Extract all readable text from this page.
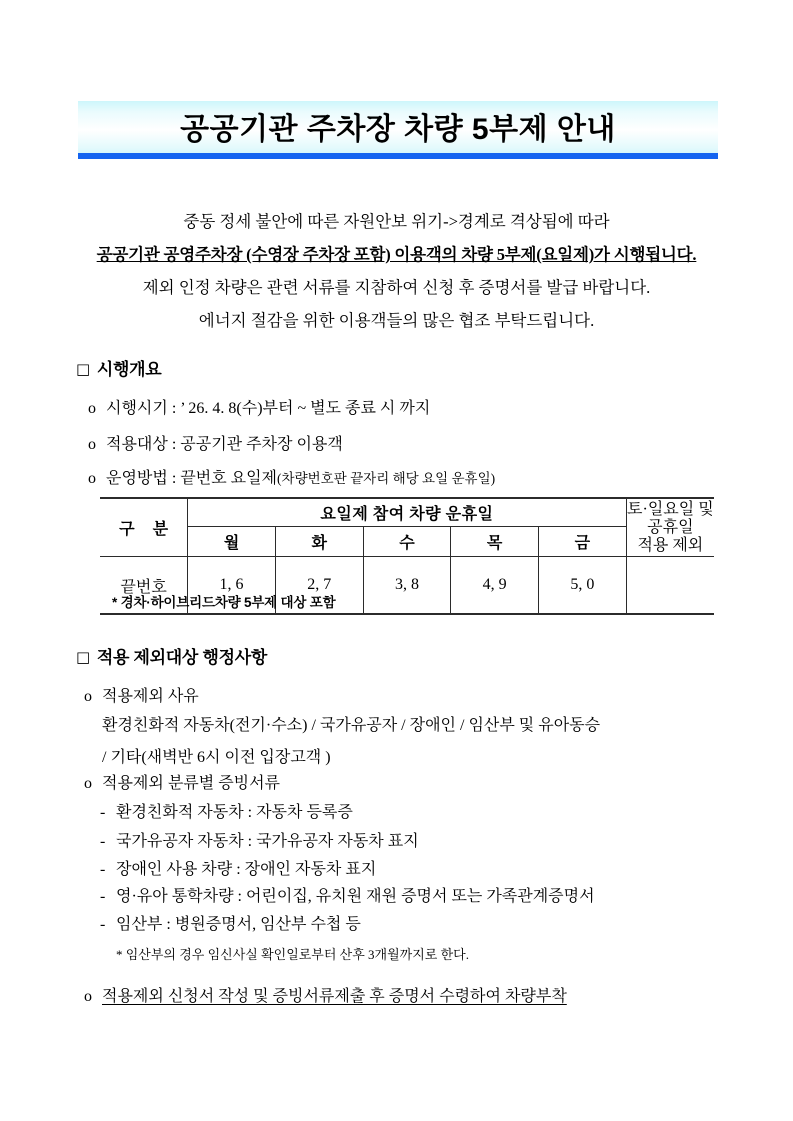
공공기관 주차장 차량 5부제 안내
중동 정세 불안에 따른 자원안보 위기->경계로 격상됨에 따라
공공기관 공영주차장 (수영장 주차장 포함) 이용객의 차량 5부제(요일제)가 시행됩니다.
제외 인정 차량은 관련 서류를 지참하여 신청 후 증명서를 발급 바랍니다.
에너지 절감을 위한 이용객들의 많은 협조 부탁드립니다.
□ 시행개요
o 시행시기 : ’ 26. 4. 8(수)부터 ~ 별도 종료 시 까지
o 적용대상 : 공공기관 주차장 이용객
o 운영방법 : 끝번호 요일제(차량번호판 끝자리 해당 요일 운휴일)
구 분	요일제 참여 차량 운휴일					토·일요일 및
공휴일
적용 제외

	월	화	수	목	금	
끝번호	1, 6	2, 7	3, 8	4, 9	5, 0	
* 경차·하이브리드차량 5부제 대상 포함
□ 적용 제외대상 행정사항
o 적용제외 사유
환경친화적 자동차(전기·수소) / 국가유공자 / 장애인 / 임산부 및 유아동승
/ 기타(새벽반 6시 이전 입장고객 )
o 적용제외 분류별 증빙서류
- 환경친화적 자동차 : 자동차 등록증
- 국가유공자 자동차 : 국가유공자 자동차 표지
- 장애인 사용 차량 : 장애인 자동차 표지
- 영·유아 통학차량 : 어린이집, 유치원 재원 증명서 또는 가족관계증명서
- 임산부 : 병원증명서, 임산부 수첩 등
* 임산부의 경우 임신사실 확인일로부터 산후 3개월까지로 한다.
o 적용제외 신청서 작성 및 증빙서류제출 후 증명서 수령하여 차량부착
